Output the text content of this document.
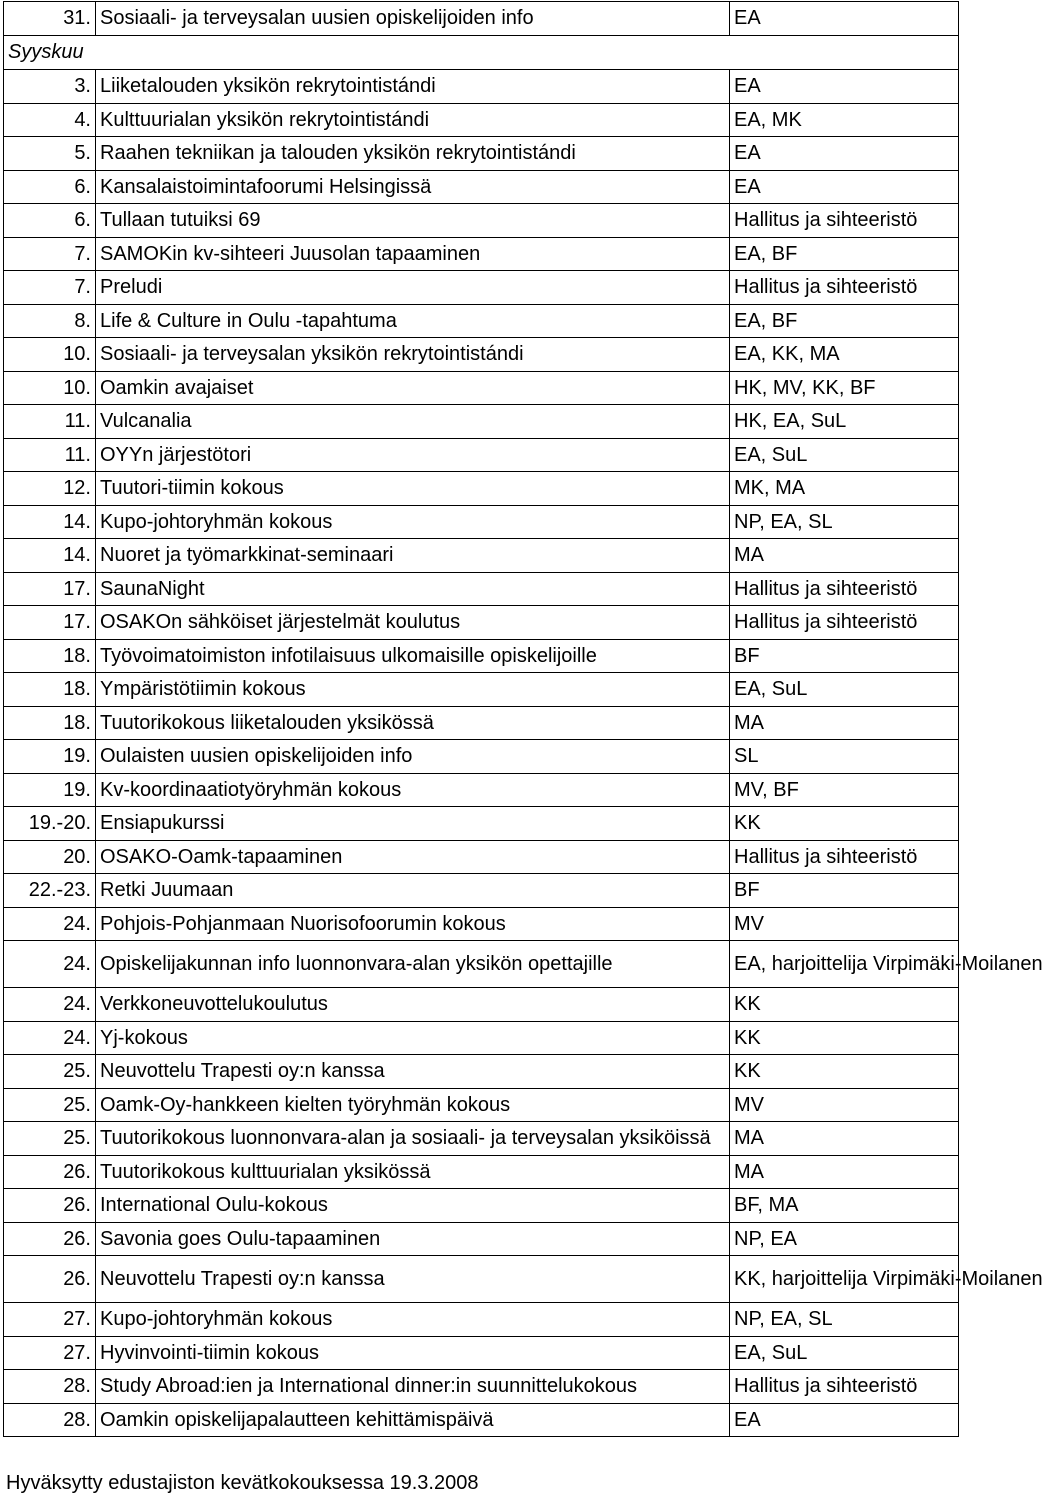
31.	Sosiaali- ja terveysalan uusien opiskelijoiden info	EA
Syyskuu		
3.	Liiketalouden yksikön rekrytointistándi	EA
4.	Kulttuurialan yksikön rekrytointistándi	EA, MK
5.	Raahen tekniikan ja talouden yksikön rekrytointistándi	EA
6.	Kansalaistoimintafoorumi Helsingissä	EA
6.	Tullaan tutuiksi 69	Hallitus ja sihteeristö
7.	SAMOKin kv-sihteeri Juusolan tapaaminen	EA, BF
7.	Preludi	Hallitus ja sihteeristö
8.	Life & Culture in Oulu -tapahtuma	EA, BF
10.	Sosiaali- ja terveysalan yksikön rekrytointistándi	EA, KK, MA
10.	Oamkin avajaiset	HK, MV, KK, BF
11.	Vulcanalia	HK, EA, SuL
11.	OYYn järjestötori	EA, SuL
12.	Tuutori-tiimin kokous	MK, MA
14.	Kupo-johtoryhmän kokous	NP, EA, SL
14.	Nuoret ja työmarkkinat-seminaari	MA
17.	SaunaNight	Hallitus ja sihteeristö
17.	OSAKOn sähköiset järjestelmät koulutus	Hallitus ja sihteeristö
18.	Työvoimatoimiston infotilaisuus ulkomaisille opiskelijoille	BF
18.	Ympäristötiimin kokous	EA, SuL
18.	Tuutorikokous liiketalouden yksikössä	MA
19.	Oulaisten uusien opiskelijoiden info	SL
19.	Kv-koordinaatiotyöryhmän kokous	MV, BF
19.-20.	Ensiapukurssi	KK
20.	OSAKO-Oamk-tapaaminen	Hallitus ja sihteeristö
22.-23.	Retki Juumaan	BF
24.	Pohjois-Pohjanmaan Nuorisofoorumin kokous	MV
24.	Opiskelijakunnan info luonnonvara-alan yksikön opettajille	EA, harjoittelija Virpimäki-Moilanen
24.	Verkkoneuvottelukoulutus	KK
24.	Yj-kokous	KK
25.	Neuvottelu Trapesti oy:n kanssa	KK
25.	Oamk-Oy-hankkeen kielten työryhmän kokous	MV
25.	Tuutorikokous luonnonvara-alan ja sosiaali- ja terveysalan yksiköissä	MA
26.	Tuutorikokous kulttuurialan yksikössä	MA
26.	International Oulu-kokous	BF, MA
26.	Savonia goes Oulu-tapaaminen	NP, EA
26.	Neuvottelu Trapesti oy:n kanssa	KK, harjoittelija Virpimäki-Moilanen
27.	Kupo-johtoryhmän kokous	NP, EA, SL
27.	Hyvinvointi-tiimin kokous	EA, SuL
28.	Study Abroad:ien ja International dinner:in suunnittelukokous	Hallitus ja sihteeristö
28.	Oamkin opiskelijapalautteen kehittämispäivä	EA
Hyväksytty edustajiston kevätkokouksessa 19.3.2008
